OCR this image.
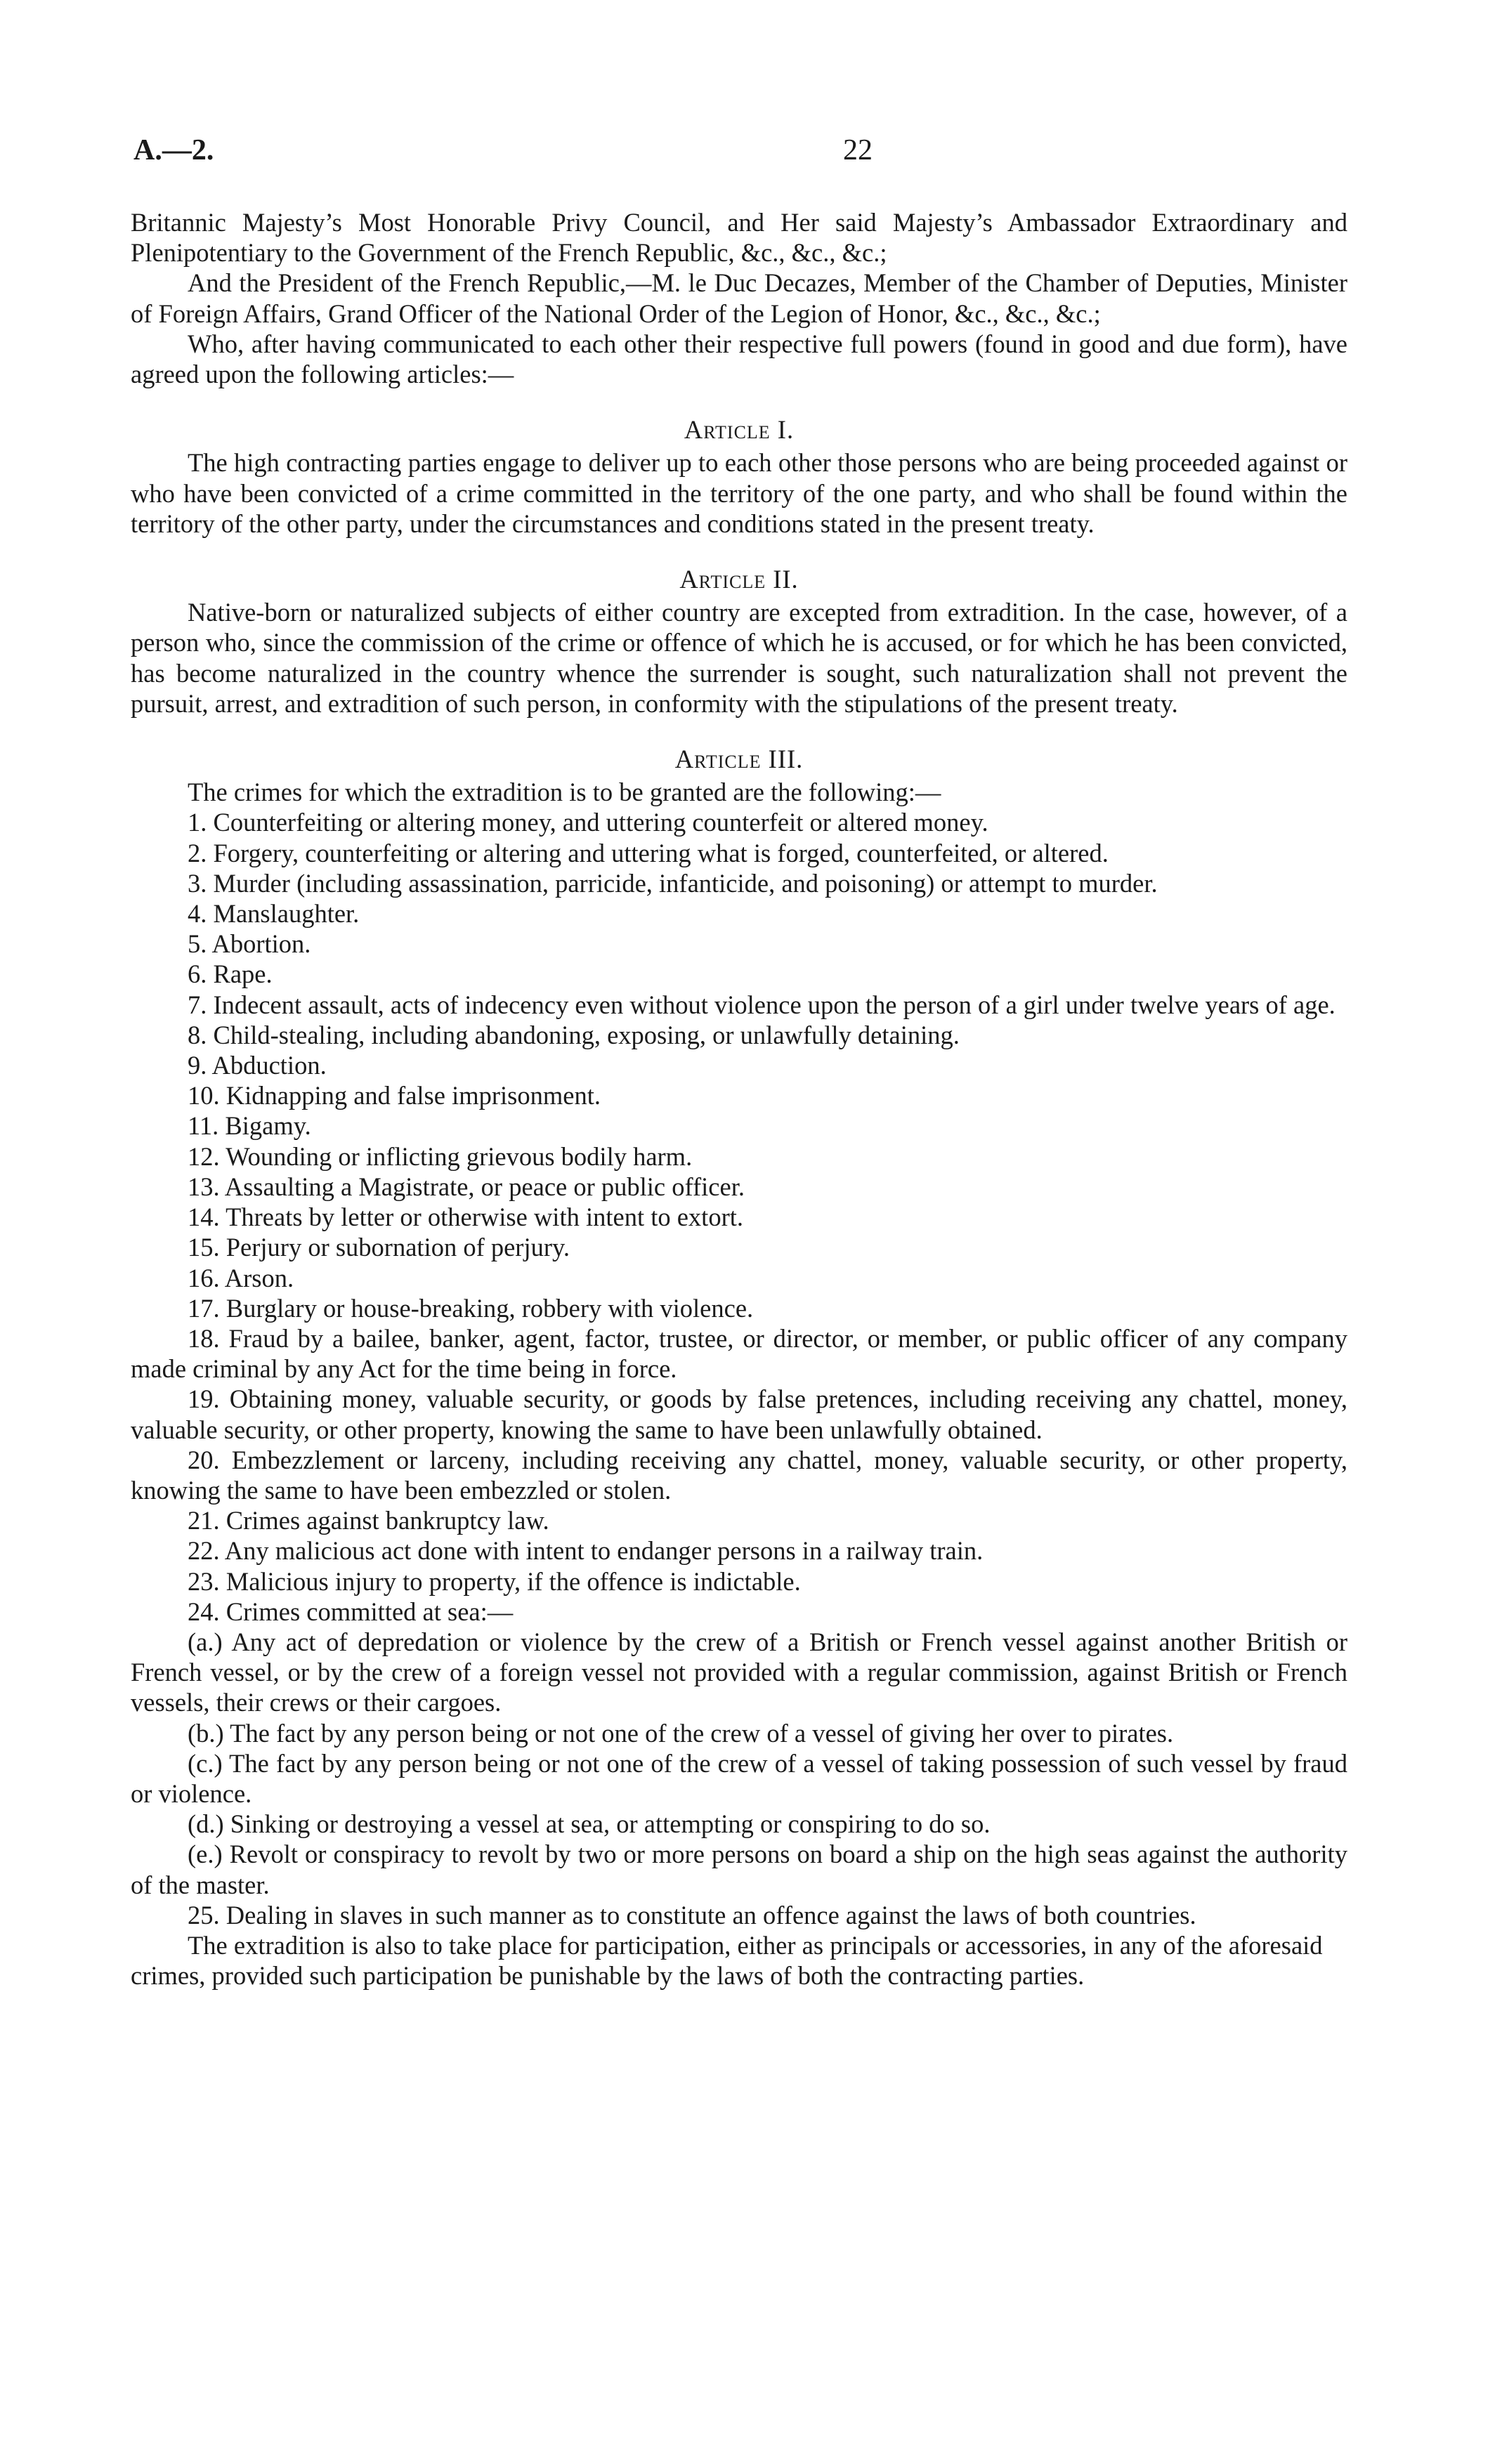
A.—2.	22

Britannic Majesty’s Most Honorable Privy Council, and Her said Majesty’s Ambassador Extraordinary and Plenipotentiary to the Government of the French Republic, &c., &c., &c.;

And the President of the French Republic,—M. le Duc Decazes, Member of the Chamber of Deputies, Minister of Foreign Affairs, Grand Officer of the National Order of the Legion of Honor, &c., &c., &c.;

Who, after having communicated to each other their respective full powers (found in good and due form), have agreed upon the following articles:—

Article I.

The high contracting parties engage to deliver up to each other those persons who are being proceeded against or who have been convicted of a crime committed in the territory of the one party, and who shall be found within the territory of the other party, under the circumstances and conditions stated in the present treaty.

Article II.

Native-born or naturalized subjects of either country are excepted from extradition. In the case, however, of a person who, since the commission of the crime or offence of which he is accused, or for which he has been convicted, has become naturalized in the country whence the surrender is sought, such naturalization shall not prevent the pursuit, arrest, and extradition of such person, in conformity with the stipulations of the present treaty.

Article III.

The crimes for which the extradition is to be granted are the following:—

1. Counterfeiting or altering money, and uttering counterfeit or altered money.

2. Forgery, counterfeiting or altering and uttering what is forged, counterfeited, or altered.

3. Murder (including assassination, parricide, infanticide, and poisoning) or attempt to murder.

4. Manslaughter.

5. Abortion.

6. Rape.

7. Indecent assault, acts of indecency even without violence upon the person of a girl under twelve years of age.

8. Child-stealing, including abandoning, exposing, or unlawfully detaining.

9. Abduction.

10. Kidnapping and false imprisonment.

11. Bigamy.

12. Wounding or inflicting grievous bodily harm.

13. Assaulting a Magistrate, or peace or public officer.

14. Threats by letter or otherwise with intent to extort.

15. Perjury or subornation of perjury.

16. Arson.

17. Burglary or house-breaking, robbery with violence.

18. Fraud by a bailee, banker, agent, factor, trustee, or director, or member, or public officer of any company made criminal by any Act for the time being in force.

19. Obtaining money, valuable security, or goods by false pretences, including receiving any chattel, money, valuable security, or other property, knowing the same to have been unlawfully obtained.

20. Embezzlement or larceny, including receiving any chattel, money, valuable security, or other property, knowing the same to have been embezzled or stolen.

21. Crimes against bankruptcy law.

22. Any malicious act done with intent to endanger persons in a railway train.

23. Malicious injury to property, if the offence is indictable.

24. Crimes committed at sea:—

(a.) Any act of depredation or violence by the crew of a British or French vessel against another British or French vessel, or by the crew of a foreign vessel not provided with a regular commission, against British or French vessels, their crews or their cargoes.

(b.) The fact by any person being or not one of the crew of a vessel of giving her over to pirates.

(c.) The fact by any person being or not one of the crew of a vessel of taking possession of such vessel by fraud or violence.

(d.) Sinking or destroying a vessel at sea, or attempting or conspiring to do so.

(e.) Revolt or conspiracy to revolt by two or more persons on board a ship on the high seas against the authority of the master.

25. Dealing in slaves in such manner as to constitute an offence against the laws of both countries.

The extradition is also to take place for participation, either as principals or accessories, in any of the aforesaid crimes, provided such participation be punishable by the laws of both the contracting parties.
